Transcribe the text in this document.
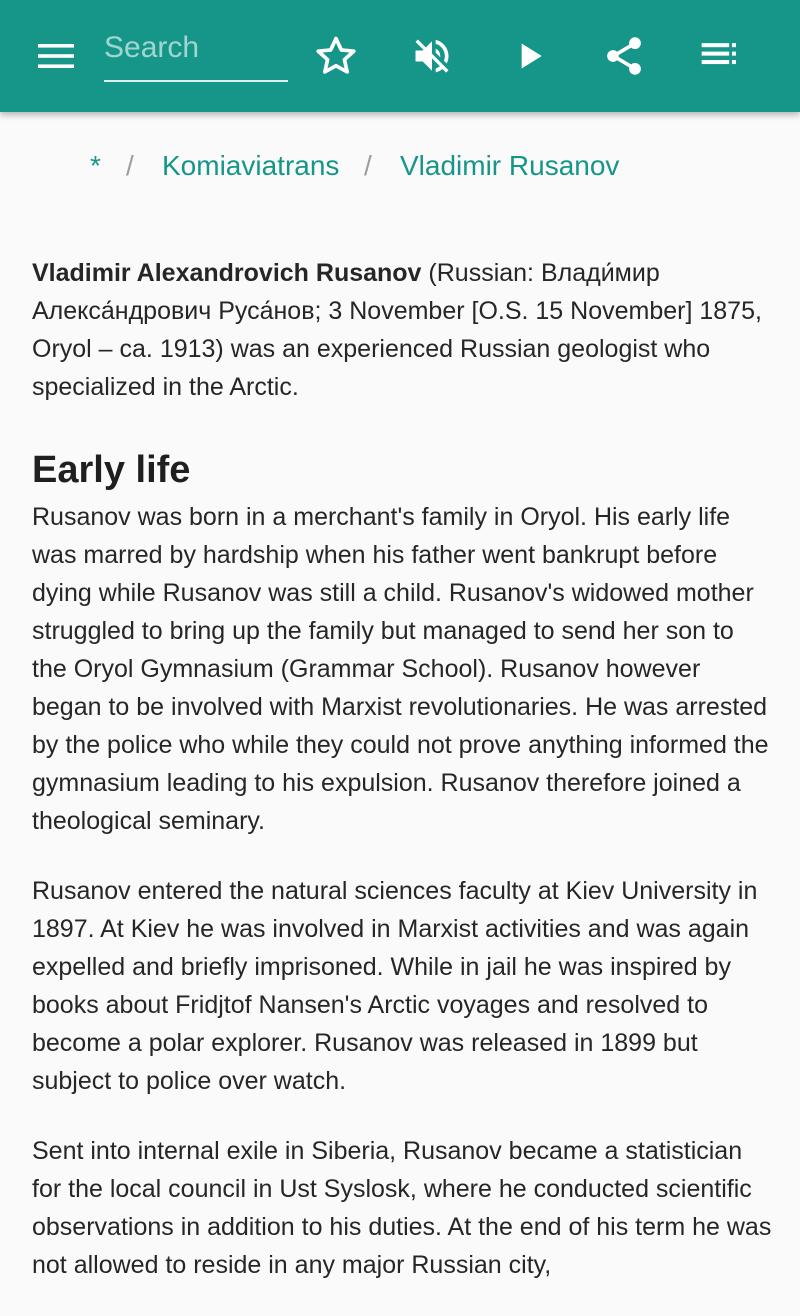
Search
* / Komiaviatrans / Vladimir Rusanov

Vladimir Alexandrovich Rusanov (Russian: Влади́мир Алекса́ндрович Руса́нов; 3 November [O.S. 15 November] 1875, Oryol – ca. 1913) was an experienced Russian geologist who specialized in the Arctic.

Early life

Rusanov was born in a merchant's family in Oryol. His early life was marred by hardship when his father went bankrupt before dying while Rusanov was still a child. Rusanov's widowed mother struggled to bring up the family but managed to send her son to the Oryol Gymnasium (Grammar School). Rusanov however began to be involved with Marxist revolutionaries. He was arrested by the police who while they could not prove anything informed the gymnasium leading to his expulsion. Rusanov therefore joined a theological seminary.

Rusanov entered the natural sciences faculty at Kiev University in 1897. At Kiev he was involved in Marxist activities and was again expelled and briefly imprisoned. While in jail he was inspired by books about Fridjtof Nansen's Arctic voyages and resolved to become a polar explorer. Rusanov was released in 1899 but subject to police over watch.

Sent into internal exile in Siberia, Rusanov became a statistician for the local council in Ust Syslosk, where he conducted scientific observations in addition to his duties. At the end of his term he was not allowed to reside in any major Russian city,
